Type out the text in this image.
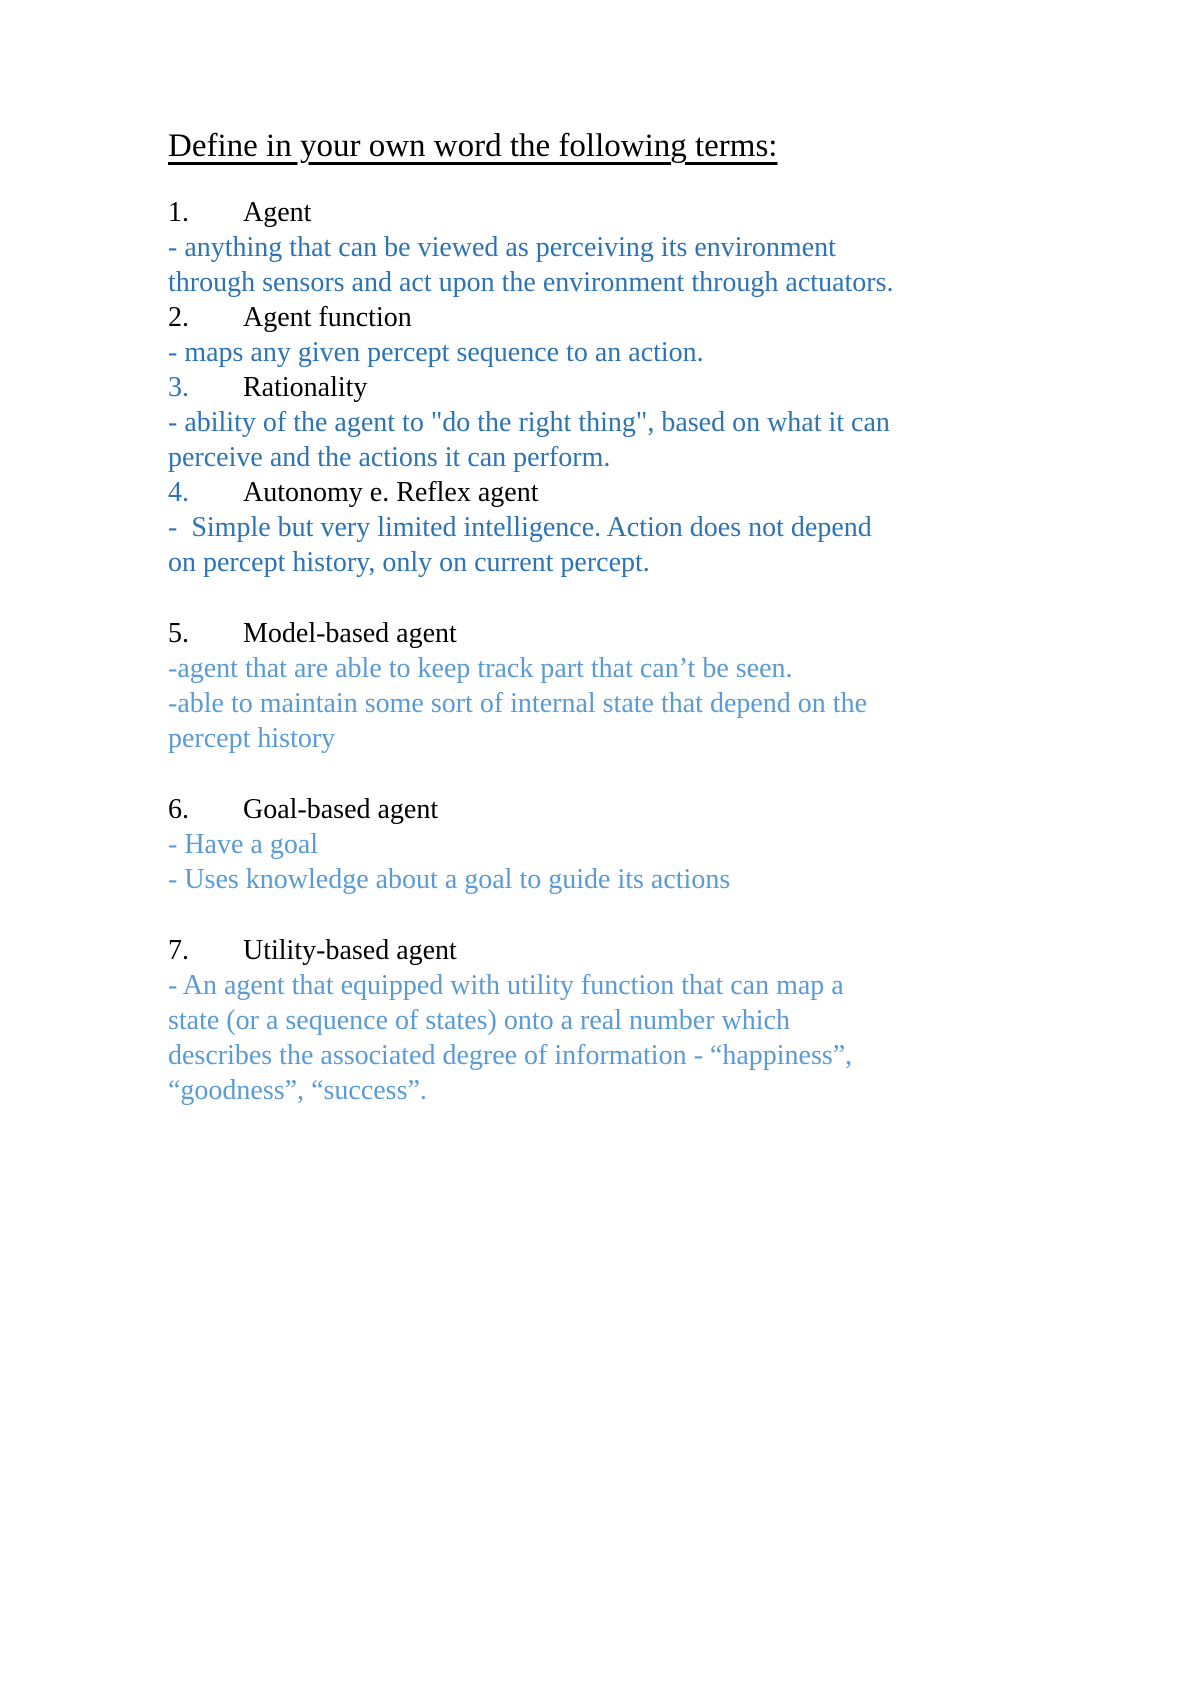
Define in your own word the following terms:
1.	Agent
- anything that can be viewed as perceiving its environment
through sensors and act upon the environment through actuators.
2.	Agent function
- maps any given percept sequence to an action.
3.	Rationality
- ability of the agent to "do the right thing", based on what it can
perceive and the actions it can perform.
4.	Autonomy e. Reflex agent
-  Simple but very limited intelligence. Action does not depend
on percept history, only on current percept.
5.	Model-based agent
-agent that are able to keep track part that can’t be seen.
-able to maintain some sort of internal state that depend on the
percept history
6.	Goal-based agent
- Have a goal
- Uses knowledge about a goal to guide its actions
7.	Utility-based agent
- An agent that equipped with utility function that can map a
state (or a sequence of states) onto a real number which
describes the associated degree of information - “happiness”,
“goodness”, “success”.
